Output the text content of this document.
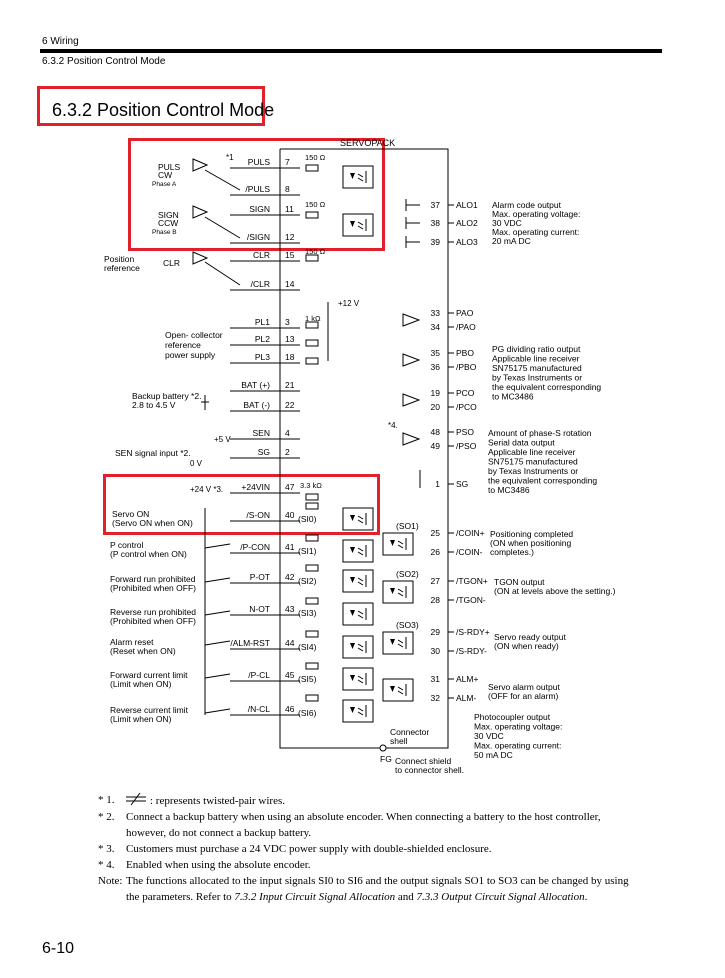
6 Wiring
6.3.2 Position Control Mode
6.3.2 Position Control Mode
SERVOPACK
PULS 7
/PULS 8
SIGN 11
/SIGN 12
CLR 15
/CLR 14
PL1 3
PL2 13
PL3 18
BAT (+) 21
BAT (-) 22
SEN 4
SG 2
+24VIN 47
/S-ON 40 (SI0)
/P-CON 41 (SI1)
P-OT 42 (SI2)
N-OT 43 (SI3)
/ALM-RST 44 (SI4)
/P-CL 45 (SI5)
/N-CL 46 (SI6)
PULS
CW
Phase A
SIGN
CCW
Phase B
Position
reference	CLR
*1	150 Ω
150 Ω
150 Ω
Open- collector
reference
power supply
1 kΩ
+12 V
Backup battery *2.
2.8 to 4.5 V
+5 V
0 V
SEN signal input *2.
+24 V *3.	3.3 kΩ
Servo ON
(Servo ON when ON)
P control
(P control when ON)
Forward run prohibited
(Prohibited when OFF)
Reverse run prohibited
(Prohibited when OFF)
Alarm reset
(Reset when ON)
Forward current limit
(Limit when ON)
Reverse current limit
(Limit when ON)
37 ALO1
38 ALO2
39 ALO3
33 PAO
34 /PAO
35 PBO
36 /PBO
19 PCO
20 /PCO
48 PSO
49 /PSO
1 SG
25 /COIN+
(SO1)
26 /COIN-
27 /TGON+
(SO2)
28 /TGON-
29 /S-RDY+
(SO3)
30 /S-RDY-
31 ALM+
32 ALM-
Alarm code output
Max. operating voltage:
30 VDC
Max. operating current:
20 mA DC
PG dividing ratio output
Applicable line receiver
SN75175 manufactured
by Texas Instruments or
the equivalent corresponding
to MC3486
*4.
Amount of phase-S rotation
Serial data output
Applicable line receiver
SN75175 manufactured
by Texas Instruments or
the equivalent corresponding
to MC3486
Positioning completed
(ON when positioning
completes.)
TGON output
(ON at levels above the setting.)
Servo ready output
(ON when ready)
Servo alarm output
(OFF for an alarm)
Photocoupler output
Max. operating voltage:
30 VDC
Max. operating current:
50 mA DC
Connector
shell
FG Connect shield
to connector shell.
* 1.	: represents twisted-pair wires.
* 2.	Connect a backup battery when using an absolute encoder. When connecting a battery to the host controller, however, do not connect a backup battery.
* 3.	Customers must purchase a 24 VDC power supply with double-shielded enclosure.
* 4.	Enabled when using the absolute encoder.
Note: The functions allocated to the input signals SI0 to SI6 and the output signals SO1 to SO3 can be changed by using the parameters. Refer to 7.3.2 Input Circuit Signal Allocation and 7.3.3 Output Circuit Signal Allocation.
6-10
